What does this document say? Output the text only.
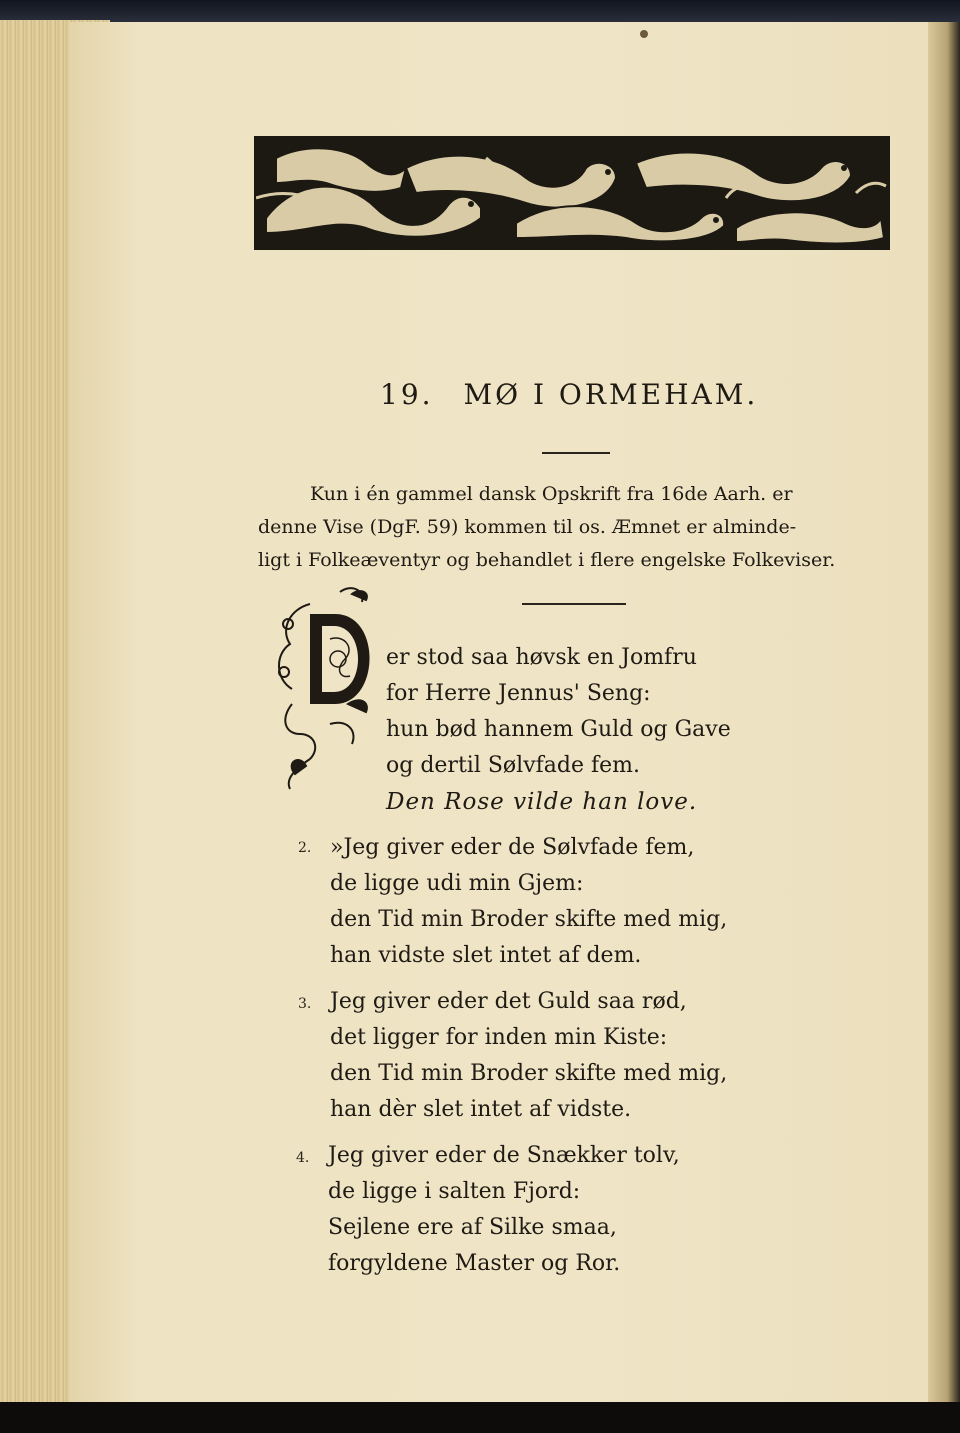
19. MØ I ORMEHAM.
Kun i én gammel dansk Opskrift fra 16de Aarh. er
denne Vise (DgF. 59) kommen til os. Æmnet er alminde-
ligt i Folkeæventyr og behandlet i flere engelske Folkeviser.
er stod saa høvsk en Jomfru
for Herre Jennus' Seng:
hun bød hannem Guld og Gave
og dertil Sølvfade fem.
Den Rose vilde han love.
2. »Jeg giver eder de Sølvfade fem,
de ligge udi min Gjem:
den Tid min Broder skifte med mig,
han vidste slet intet af dem.
3. Jeg giver eder det Guld saa rød,
det ligger for inden min Kiste:
den Tid min Broder skifte med mig,
han dèr slet intet af vidste.
4. Jeg giver eder de Snækker tolv,
de ligge i salten Fjord:
Sejlene ere af Silke smaa,
forgyldene Master og Ror.
